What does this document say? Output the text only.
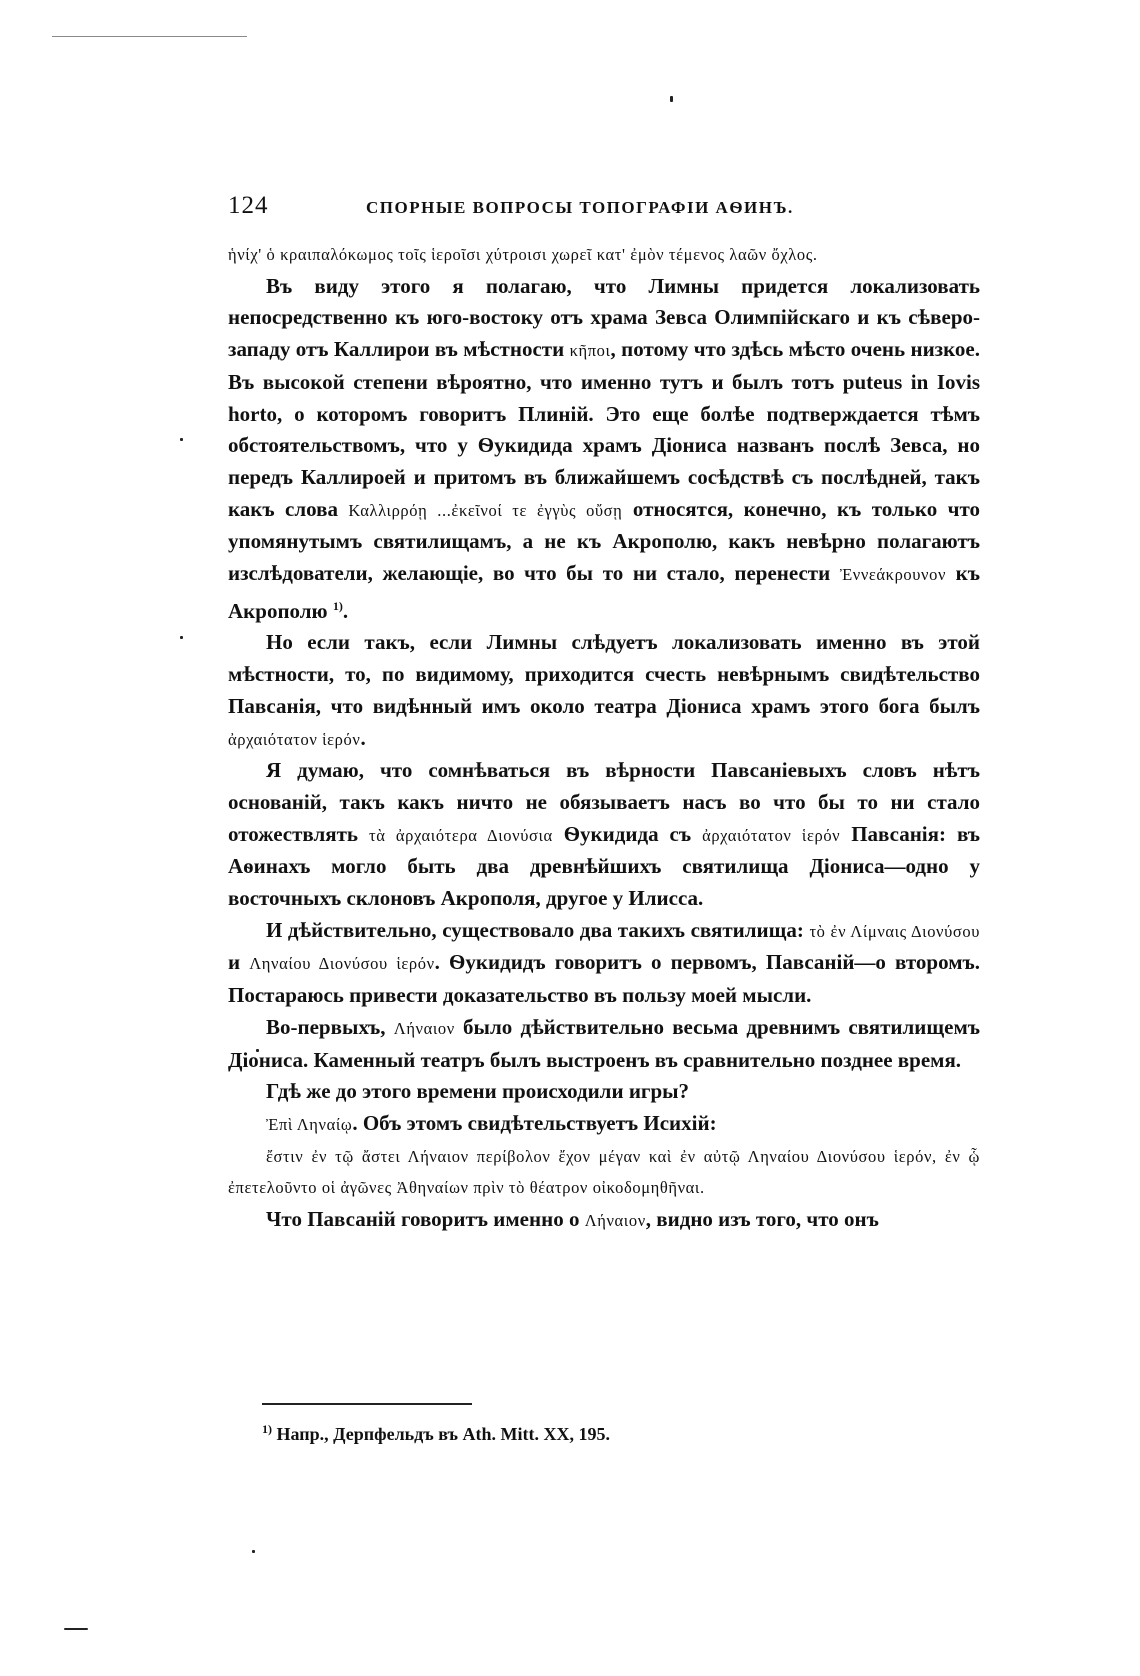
124	СПОРНЫЕ ВОПРОСЫ ТОПОГРАФІИ АѲИНЪ.

ἡνίχ' ὁ κραιπαλόκωμος τοῖς ἱεροῖσι χύτροισι χωρεῖ κατ' ἐμὸν τέμενος λαῶν ὄχλος.

Въ виду этого я полагаю, что Лимны придется локализовать непосредственно къ юго-востоку отъ храма Зевса Олимпійскаго и къ сѣверо-западу отъ Каллирои въ мѣстности κῆποι, потому что здѣсь мѣсто очень низкое. Въ высокой степени вѣроятно, что именно тутъ и былъ тотъ puteus in Iovis horto, о которомъ говоритъ Плиній. Это еще болѣе подтверждается тѣмъ обстоятельствомъ, что у Ѳукидида храмъ Діониса названъ послѣ Зевса, но передъ Каллироей и притомъ въ ближайшемъ сосѣдствѣ съ послѣдней, такъ какъ слова Καλλιρρόῃ ...ἐκεῖνοί τε ἐγγὺς οὔσῃ относятся, конечно, къ только что упомянутымъ святилищамъ, а не къ Акрополю, какъ невѣрно полагаютъ изслѣдователи, желающіе, во что бы то ни стало, перенести Ἐννεάκρουνον къ Акрополю $^{1)}$.

Но если такъ, если Лимны слѣдуетъ локализовать именно въ этой мѣстности, то, по видимому, приходится счесть невѣрнымъ свидѣтельство Павсанія, что видѣнный имъ около театра Діониса храмъ этого бога былъ ἀρχαιότατον ἱερόν.

Я думаю, что сомнѣваться въ вѣрности Павсаніевыхъ словъ нѣтъ основаній, такъ какъ ничто не обязываетъ насъ во что бы то ни стало отожествлять τὰ ἀρχαιότερα Διονύσια Ѳукидида съ ἀρχαιότατον ἱερόν Павсанія: въ Аѳинахъ могло быть два древнѣйшихъ святилища Діониса—одно у восточныхъ склоновъ Акрополя, другое у Илисса.

И дѣйствительно, существовало два такихъ святилища: τὸ ἐν Λίμναις Διονύσου и Ληναίου Διονύσου ἱερόν. Ѳукидидъ говоритъ о первомъ, Павсаній—о второмъ. Постараюсь привести доказательство въ пользу моей мысли.

Во-первыхъ, Λήναιον было дѣйствительно весьма древнимъ святилищемъ Діониса. Каменный театръ былъ выстроенъ въ сравнительно позднее время.

Гдѣ же до этого времени происходили игры?

Ἐπὶ Ληναίῳ. Объ этомъ свидѣтельствуетъ Исихій:

ἔστιν ἐν τῷ ἄστει Λήναιον περίβολον ἔχον μέγαν καὶ ἐν αὐτῷ Ληναίου Διονύσου ἱερόν, ἐν ᾧ ἐπετελοῦντο οἱ ἀγῶνες Ἀθηναίων πρὶν τὸ θέατρον οἰκοδομηθῆναι.

Что Павсаній говоритъ именно о Λήναιον, видно изъ того, что онъ

$^{1)}$ Напр., Дерпфельдъ въ Ath. Mitt. XX, 195.
